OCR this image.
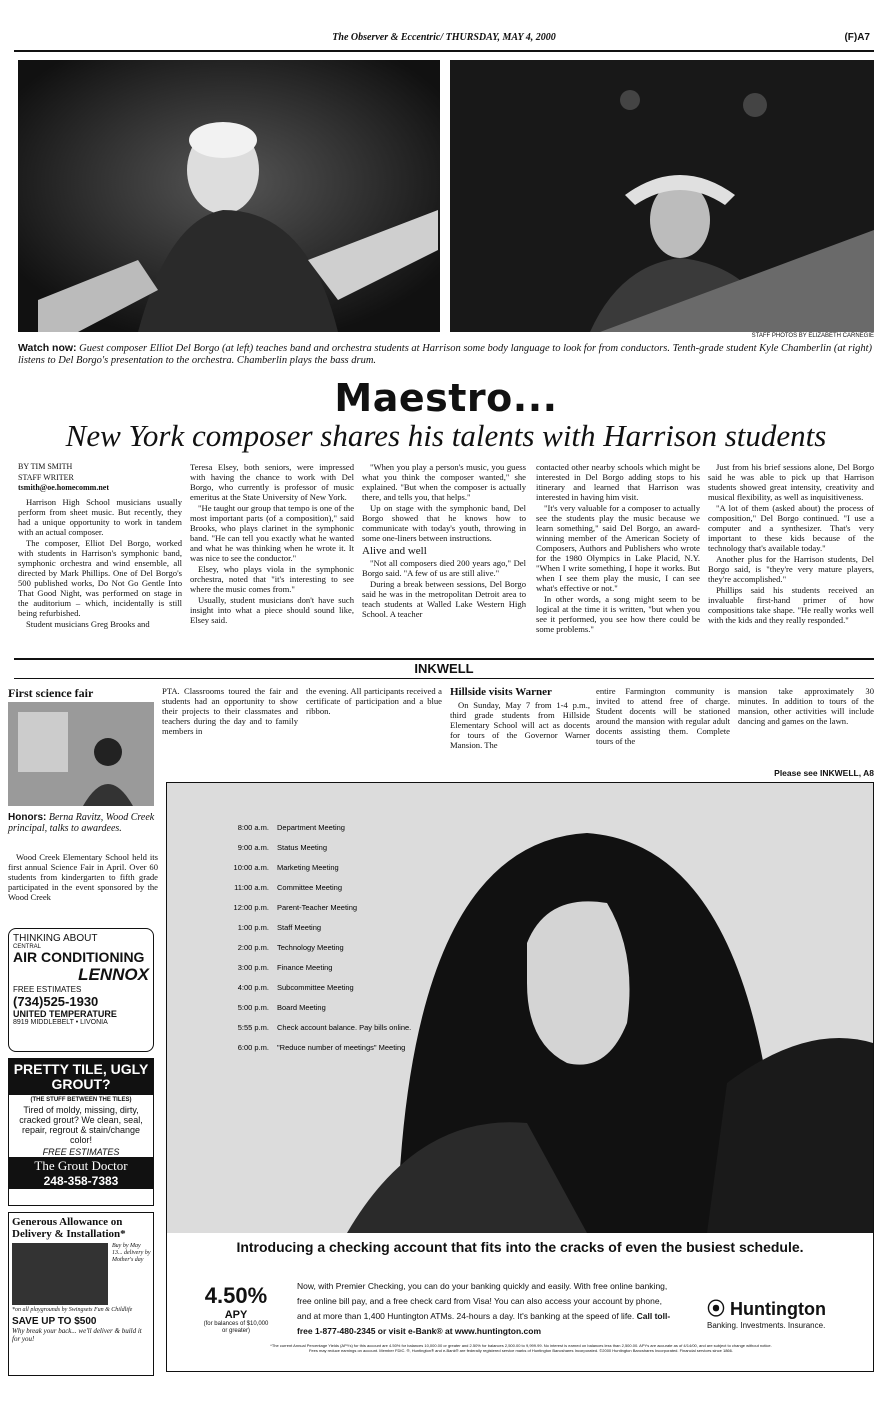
The Observer & Eccentric/ THURSDAY, MAY 4, 2000	(F)A7
STAFF PHOTOS BY ELIZABETH CARNEGIE
Watch now: Guest composer Elliot Del Borgo (at left) teaches band and orchestra students at Harrison some body language to look for from conductors. Tenth-grade student Kyle Chamberlin (at right) listens to Del Borgo's presentation to the orchestra. Chamberlin plays the bass drum.
Maestro...
New York composer shares his talents with Harrison students

BY TIM SMITH

STAFF WRITER

tsmith@oe.homecomm.net

Harrison High School musicians usually perform from sheet music. But recently, they had a unique opportunity to work in tandem with an actual composer.

The composer, Elliot Del Borgo, worked with students in Harrison's symphonic band, symphonic orchestra and wind ensemble, all directed by Mark Phillips. One of Del Borgo's 500 published works, Do Not Go Gentle Into That Good Night, was performed on stage in the auditorium – which, incidentally is still being refurbished.

Student musicians Greg Brooks and

Teresa Elsey, both seniors, were impressed with having the chance to work with Del Borgo, who currently is professor of music emeritus at the State University of New York.

"He taught our group that tempo is one of the most important parts (of a composition)," said Brooks, who plays clarinet in the symphonic band. "He can tell you exactly what he wanted and what he was thinking when he wrote it. It was nice to see the conductor."

Elsey, who plays viola in the symphonic orchestra, noted that "it's interesting to see where the music comes from."

Usually, student musicians don't have such insight into what a piece should sound like, Elsey said.

"When you play a person's music, you guess what you think the composer wanted," she explained. "But when the composer is actually there, and tells you, that helps."

Up on stage with the symphonic band, Del Borgo showed that he knows how to communicate with today's youth, throwing in some one-liners between instructions.

Alive and well

"Not all composers died 200 years ago," Del Borgo said. "A few of us are still alive."

During a break between sessions, Del Borgo said he was in the metropolitan Detroit area to teach students at Walled Lake Western High School. A teacher

contacted other nearby schools which might be interested in Del Borgo adding stops to his itinerary and learned that Harrison was interested in having him visit.

"It's very valuable for a composer to actually see the students play the music because we learn something," said Del Borgo, an award-winning member of the American Society of Composers, Authors and Publishers who wrote for the 1980 Olympics in Lake Placid, N.Y. "When I write something, I hope it works. But when I see them play the music, I can see what's effective or not."

In other words, a song might seem to be logical at the time it is written, "but when you see it performed, you see how there could be some problems."

Just from his brief sessions alone, Del Borgo said he was able to pick up that Harrison students showed great intensity, creativity and musical flexibility, as well as inquisitiveness.

"A lot of them (asked about) the process of composition," Del Borgo continued. "I use a computer and a synthesizer. That's very important to these kids because of the technology that's available today."

Another plus for the Harrison students, Del Borgo said, is "they're very mature players, they're accomplished."

Phillips said his students received an invaluable first-hand primer of how compositions take shape. "He really works well with the kids and they really responded."

INKWELL
First science fair
Honors: Berna Ravitz, Wood Creek principal, talks to awardees.

Wood Creek Elementary School held its first annual Science Fair in April. Over 60 students from kindergarten to fifth grade participated in the event sponsored by the Wood Creek

PTA. Classrooms toured the fair and students had an opportunity to show their projects to their classmates and teachers during the day and to family members in

the evening. All participants received a certificate of participation and a blue ribbon.

Hillside visits Warner

On Sunday, May 7 from 1-4 p.m., third grade students from Hillside Elementary School will act as docents for tours of the Governor Warner Mansion. The

entire Farmington community is invited to attend free of charge. Student docents will be stationed around the mansion with regular adult docents assisting them. Complete tours of the

mansion take approximately 30 minutes. In addition to tours of the mansion, other activities will include dancing and games on the lawn.

Please see INKWELL, A8
THINKING ABOUT
CENTRAL
AIR CONDITIONING
LENNOX
FREE ESTIMATES
(734)525-1930
UNITED TEMPERATURE
8919 MIDDLEBELT • LIVONIA
PRETTY TILE, UGLY GROUT?
(THE STUFF BETWEEN THE TILES)
Tired of moldy, missing, dirty, cracked grout? We clean, seal, repair, regrout & stain/change color!
FREE ESTIMATES
The Grout Doctor
248-358-7383
Generous Allowance on Delivery & Installation*
Buy by May 13... delivery by Mother's day
*on all playgrounds by Swingsets Fun & Childlife
SAVE UP TO $500
Why break your back... we'll deliver & build it for you!
8:00 a.m. Department Meeting
9:00 a.m. Status Meeting
10:00 a.m. Marketing Meeting
11:00 a.m. Committee Meeting
12:00 p.m. Parent-Teacher Meeting
1:00 p.m. Staff Meeting
2:00 p.m. Technology Meeting
3:00 p.m. Finance Meeting
4:00 p.m. Subcommittee Meeting
5:00 p.m. Board Meeting
5:55 p.m. Check account balance. Pay bills online.
6:00 p.m. "Reduce number of meetings" Meeting
Introducing a checking account that fits into the cracks of even the busiest schedule.
4.50%
APY
(for balances of $10,000 or greater)
Now, with Premier Checking, you can do your banking quickly and easily. With free online banking, free online bill pay, and a free check card from Visa! You can also access your account by phone, and at more than 1,400 Huntington ATMs. 24-hours a day. It's banking at the speed of life. Call toll-free 1-877-480-2345 or visit e-Bank® at www.huntington.com
⦿ Huntington
Banking. Investments. Insurance.
*The current Annual Percentage Yields (APYs) for this account are 4.50% for balances 10,000.00 or greater and 2.50% for balances 2,500.00 to 9,999.99. No interest is earned on balances less than 2,500.00. APYs are accurate as of 4/14/00, and are subject to change without notice.
Fees may reduce earnings on account. Member FDIC. ®, Huntington® and e-Bank® are federally registered service marks of Huntington Bancshares Incorporated. ©2000 Huntington Bancshares Incorporated. Financial services since 1866.
